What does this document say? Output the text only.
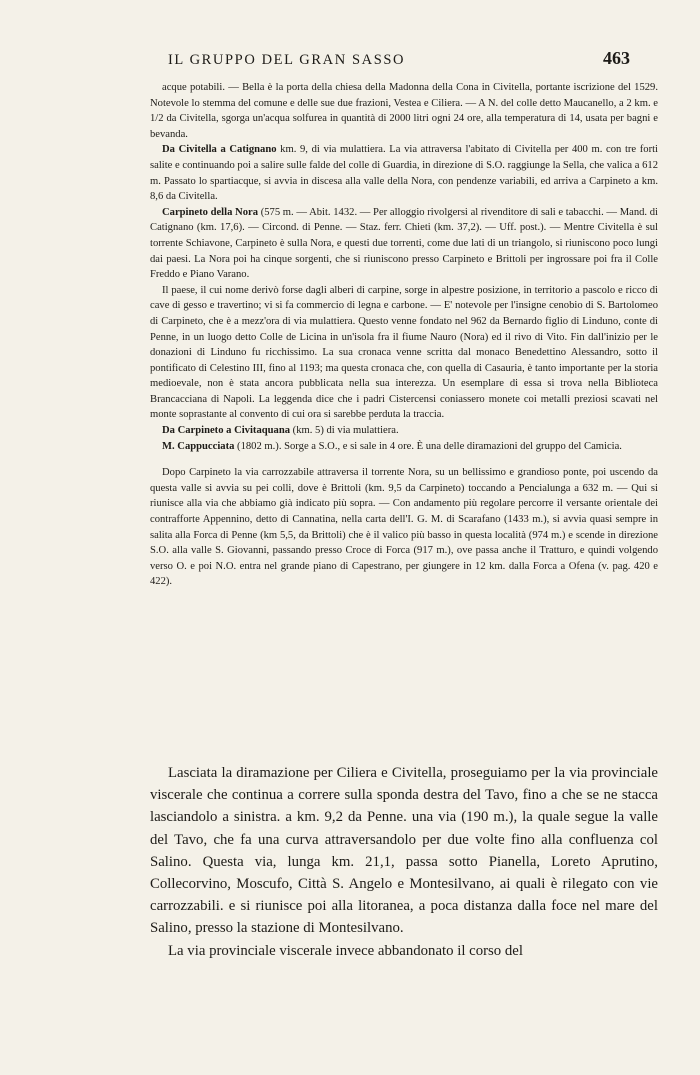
IL GRUPPO DEL GRAN SASSO	463

acque potabili. — Bella è la porta della chiesa della Madonna della Cona in Civitella, portante iscrizione del 1529. Notevole lo stemma del comune e delle sue due frazioni, Vestea e Ciliera. — A N. del colle detto Maucanello, a 2 km. e 1/2 da Civitella, sgorga un'acqua solfurea in quantità di 2000 litri ogni 24 ore, alla temperatura di 14, usata per bagni e bevanda.

Da Civitella a Catignano km. 9, di via mulattiera. La via attraversa l'abitato di Civitella per 400 m. con tre forti salite e continuando poi a salire sulle falde del colle di Guardia, in direzione di S.O. raggiunge la Sella, che valica a 612 m. Passato lo spartiacque, si avvia in discesa alla valle della Nora, con pendenze variabili, ed arriva a Carpineto a km. 8,6 da Civitella.

Carpineto della Nora (575 m. — Abit. 1432. — Per alloggio rivolgersi al rivenditore di sali e tabacchi. — Mand. di Catignano (km. 17,6). — Circond. di Penne. — Staz. ferr. Chieti (km. 37,2). — Uff. post.). — Mentre Civitella è sul torrente Schiavone, Carpineto è sulla Nora, e questi due torrenti, come due lati di un triangolo, si riuniscono poco lungi dai paesi. La Nora poi ha cinque sorgenti, che si riuniscono presso Carpineto e Brittoli per ingrossare poi fra il Colle Freddo e Piano Varano.

Il paese, il cui nome derivò forse dagli alberi di carpine, sorge in alpestre posizione, in territorio a pascolo e ricco di cave di gesso e travertino; vi si fa commercio di legna e carbone. — E' notevole per l'insigne cenobio di S. Bartolomeo di Carpineto, che è a mezz'ora di via mulattiera. Questo venne fondato nel 962 da Bernardo figlio di Linduno, conte di Penne, in un luogo detto Colle de Licina in un'isola fra il fiume Nauro (Nora) ed il rivo di Vito. Fin dall'inizio per le donazioni di Linduno fu ricchissimo. La sua cronaca venne scritta dal monaco Benedettino Alessandro, sotto il pontificato di Celestino III, fino al 1193; ma questa cronaca che, con quella di Casauria, è tanto importante per la storia medioevale, non è stata ancora pubblicata nella sua interezza. Un esemplare di essa si trova nella Biblioteca Brancacciana di Napoli. La leggenda dice che i padri Cistercensi coniassero monete coi metalli preziosi scavati nel monte soprastante al convento di cui ora si sarebbe perduta la traccia.

Da Carpineto a Civitaquana (km. 5) di via mulattiera.

M. Cappucciata (1802 m.). Sorge a S.O., e si sale in 4 ore. È una delle diramazioni del gruppo del Camicia.

Dopo Carpineto la via carrozzabile attraversa il torrente Nora, su un bellissimo e grandioso ponte, poi uscendo da questa valle si avvia su pei colli, dove è Brittoli (km. 9,5 da Carpineto) toccando a Pencialunga a 632 m. — Qui si riunisce alla via che abbiamo già indicato più sopra. — Con andamento più regolare percorre il versante orientale dei contrafforte Appennino, detto di Cannatina, nella carta dell'I. G. M. di Scarafano (1433 m.), si avvia quasi sempre in salita alla Forca di Penne (km 5,5, da Brittoli) che è il valico più basso in questa località (974 m.) e scende in direzione S.O. alla valle S. Giovanni, passando presso Croce di Forca (917 m.), ove passa anche il Tratturo, e quindi volgendo verso O. e poi N.O. entra nel grande piano di Capestrano, per giungere in 12 km. dalla Forca a Ofena (v. pag. 420 e 422).

Lasciata la diramazione per Ciliera e Civitella, proseguiamo per la via provinciale viscerale che continua a correre sulla sponda destra del Tavo, fino a che se ne stacca lasciandolo a sinistra. a km. 9,2 da Penne. una via (190 m.), la quale segue la valle del Tavo, che fa una curva attraversandolo per due volte fino alla confluenza col Salino. Questa via, lunga km. 21,1, passa sotto Pianella, Loreto Aprutino, Collecorvino, Moscufo, Città S. Angelo e Montesilvano, ai quali è rilegato con vie carrozzabili. e si riunisce poi alla litoranea, a poca distanza dalla foce nel mare del Salino, presso la stazione di Montesilvano.

La via provinciale viscerale invece abbandonato il corso del
